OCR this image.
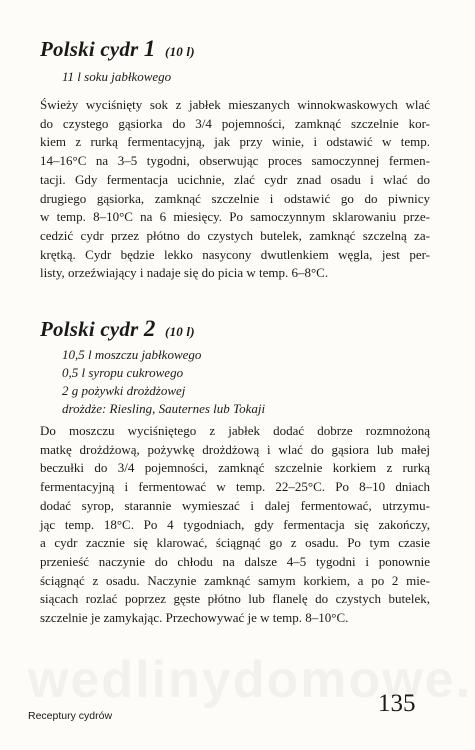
Polski cydr 1 (10 l)
11 l soku jabłkowego

Świeży wyciśnięty sok z jabłek mieszanych winnokwaskowych wlać
do czystego gąsiorka do 3/4 pojemności, zamknąć szczelnie kor-
kiem z rurką fermentacyjną, jak przy winie, i odstawić w temp.
14–16°C na 3–5 tygodni, obserwując proces samoczynnej fermen-
tacji. Gdy fermentacja ucichnie, zlać cydr znad osadu i wlać do
drugiego gąsiorka, zamknąć szczelnie i odstawić go do piwnicy
w temp. 8–10°C na 6 miesięcy. Po samoczynnym sklarowaniu prze-
cedzić cydr przez płótno do czystych butelek, zamknąć szczelną za-
krętką. Cydr będzie lekko nasycony dwutlenkiem węgla, jest per-
listy, orzeźwiający i nadaje się do picia w temp. 6–8°C.

Polski cydr 2 (10 l)
10,5 l moszczu jabłkowego
0,5 l syropu cukrowego
2 g pożywki drożdżowej
drożdże: Riesling, Sauternes lub Tokaji

Do moszczu wyciśniętego z jabłek dodać dobrze rozmnożoną
matkę drożdżową, pożywkę drożdżową i wlać do gąsiora lub małej
beczułki do 3/4 pojemności, zamknąć szczelnie korkiem z rurką
fermentacyjną i fermentować w temp. 22–25°C. Po 8–10 dniach
dodać syrop, starannie wymieszać i dalej fermentować, utrzymu-
jąc temp. 18°C. Po 4 tygodniach, gdy fermentacja się zakończy,
a cydr zacznie się klarować, ściągnąć go z osadu. Po tym czasie
przenieść naczynie do chłodu na dalsze 4–5 tygodni i ponownie
ściągnąć z osadu. Naczynie zamknąć samym korkiem, a po 2 mie-
siącach rozlać poprzez gęste płótno lub flanelę do czystych butelek,
szczelnie je zamykając. Przechowywać je w temp. 8–10°C.

Receptury cydrów	135
